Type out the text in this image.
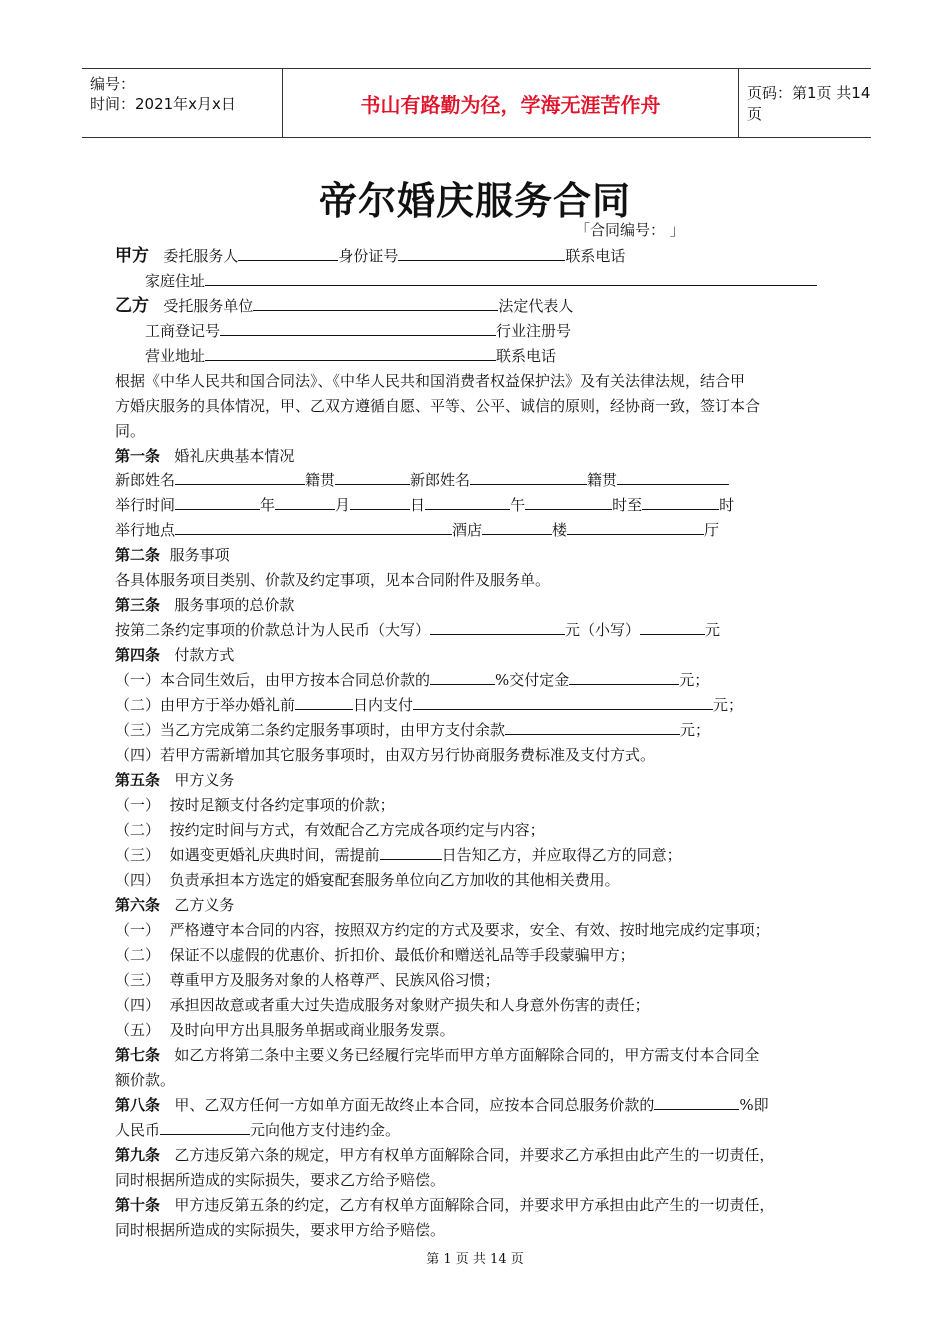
编号：
时间：2021年x月x日	书山有路勤为径，学海无涯苦作舟	页码：第1页 共14页
帝尔婚庆服务合同
「合同编号： 」
甲方 委托服务人	身份证号	联系电话
家庭住址
乙方 受托服务单位	法定代表人
工商登记号	行业注册号
营业地址	联系电话
根据《中华人民共和国合同法》、《中华人民共和国消费者权益保护法》及有关法律法规，结合甲
方婚庆服务的具体情况，甲、乙双方遵循自愿、平等、公平、诚信的原则，经协商一致，签订本合
同。
第一条 婚礼庆典基本情况
新郎姓名	籍贯	新郎姓名	籍贯
举行时间	年	月	日	午	时至	时
举行地点	酒店	楼	厅
第二条 服务事项
各具体服务项目类别、价款及约定事项，见本合同附件及服务单。
第三条 服务事项的总价款
按第二条约定事项的价款总计为人民币（大写）	元（小写）	元
第四条 付款方式
（一）本合同生效后，由甲方按本合同总价款的	%交付定金	元；
（二）由甲方于举办婚礼前	日内支付	元；
（三）当乙方完成第二条约定服务事项时，由甲方支付余款	元；
（四）若甲方需新增加其它服务事项时，由双方另行协商服务费标准及支付方式。
第五条 甲方义务
（一） 按时足额支付各约定事项的价款；
（二） 按约定时间与方式，有效配合乙方完成各项约定与内容；
（三） 如遇变更婚礼庆典时间，需提前	日告知乙方，并应取得乙方的同意；
（四） 负责承担本方选定的婚宴配套服务单位向乙方加收的其他相关费用。
第六条 乙方义务
（一） 严格遵守本合同的内容，按照双方约定的方式及要求，安全、有效、按时地完成约定事项；
（二） 保证不以虚假的优惠价、折扣价、最低价和赠送礼品等手段蒙骗甲方；
（三） 尊重甲方及服务对象的人格尊严、民族风俗习惯；
（四） 承担因故意或者重大过失造成服务对象财产损失和人身意外伤害的责任；
（五） 及时向甲方出具服务单据或商业服务发票。
第七条 如乙方将第二条中主要义务已经履行完毕而甲方单方面解除合同的，甲方需支付本合同全
额价款。
第八条 甲、乙双方任何一方如单方面无故终止本合同，应按本合同总服务价款的	%即
人民币	元向他方支付违约金。
第九条 乙方违反第六条的规定，甲方有权单方面解除合同，并要求乙方承担由此产生的一切责任，
同时根据所造成的实际损失，要求乙方给予赔偿。
第十条 甲方违反第五条的约定，乙方有权单方面解除合同，并要求甲方承担由此产生的一切责任，
同时根据所造成的实际损失，要求甲方给予赔偿。
第 1 页 共 14 页
